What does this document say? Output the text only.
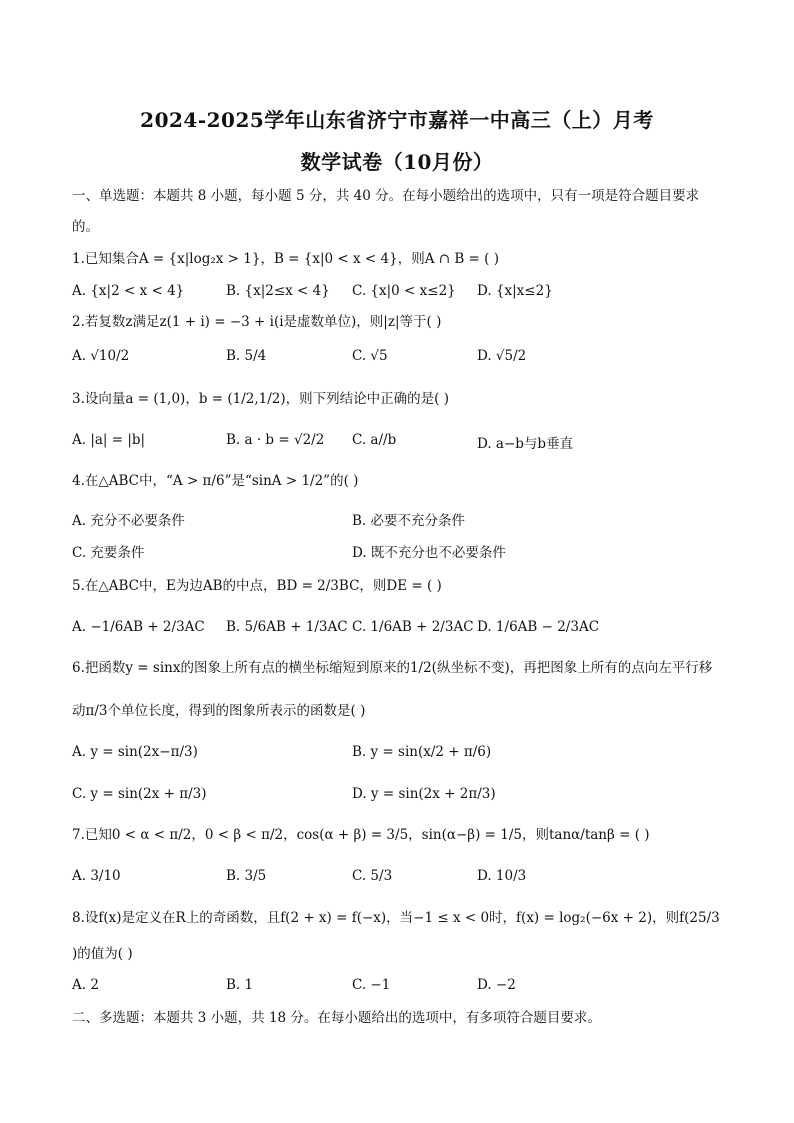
2024-2025学年山东省济宁市嘉祥一中高三（上）月考
数学试卷（10月份）
一、单选题：本题共 8 小题，每小题 5 分，共 40 分。在每小题给出的选项中，只有一项是符合题目要求
的。
1.已知集合A = {x|log₂x > 1}，B = {x|0 < x < 4}，则A ∩ B = ( )
A. {x|2 < x < 4}	B. {x|2≤x < 4} C. {x|0 < x≤2} D. {x|x≤2}
2.若复数z满足z(1 + i) = −3 + i(i是虚数单位)，则|z|等于( )
A. √10/2	B. 5/4	C. √5	D. √5/2
3.设向量a = (1,0)，b = (1/2,1/2)，则下列结论中正确的是( )
A. |a| = |b|	B. a · b = √2/2 C. a//b	D. a−b与b垂直
4.在△ABC中，“A > π/6”是“sinA > 1/2”的( )
A. 充分不必要条件	B. 必要不充分条件
C. 充要条件	D. 既不充分也不必要条件
5.在△ABC中，E为边AB的中点，BD = 2/3BC，则DE = ( )
A. −1/6AB + 2/3AC B. 5/6AB + 1/3AC C. 1/6AB + 2/3AC D. 1/6AB − 2/3AC
6.把函数y = sinx的图象上所有点的横坐标缩短到原来的1/2(纵坐标不变)，再把图象上所有的点向左平行移
动π/3个单位长度，得到的图象所表示的函数是( )
A. y = sin(2x−π/3)	B. y = sin(x/2 + π/6)
C. y = sin(2x + π/3)	D. y = sin(2x + 2π/3)
7.已知0 < α < π/2，0 < β < π/2，cos(α + β) = 3/5，sin(α−β) = 1/5，则tanα/tanβ = ( )
A. 3/10	B. 3/5	C. 5/3	D. 10/3
8.设f(x)是定义在R上的奇函数，且f(2 + x) = f(−x)，当−1 ≤ x < 0时，f(x) = log₂(−6x + 2)，则f(25/3
)的值为( )
A. 2	B. 1	C. −1	D. −2
二、多选题：本题共 3 小题，共 18 分。在每小题给出的选项中，有多项符合题目要求。
